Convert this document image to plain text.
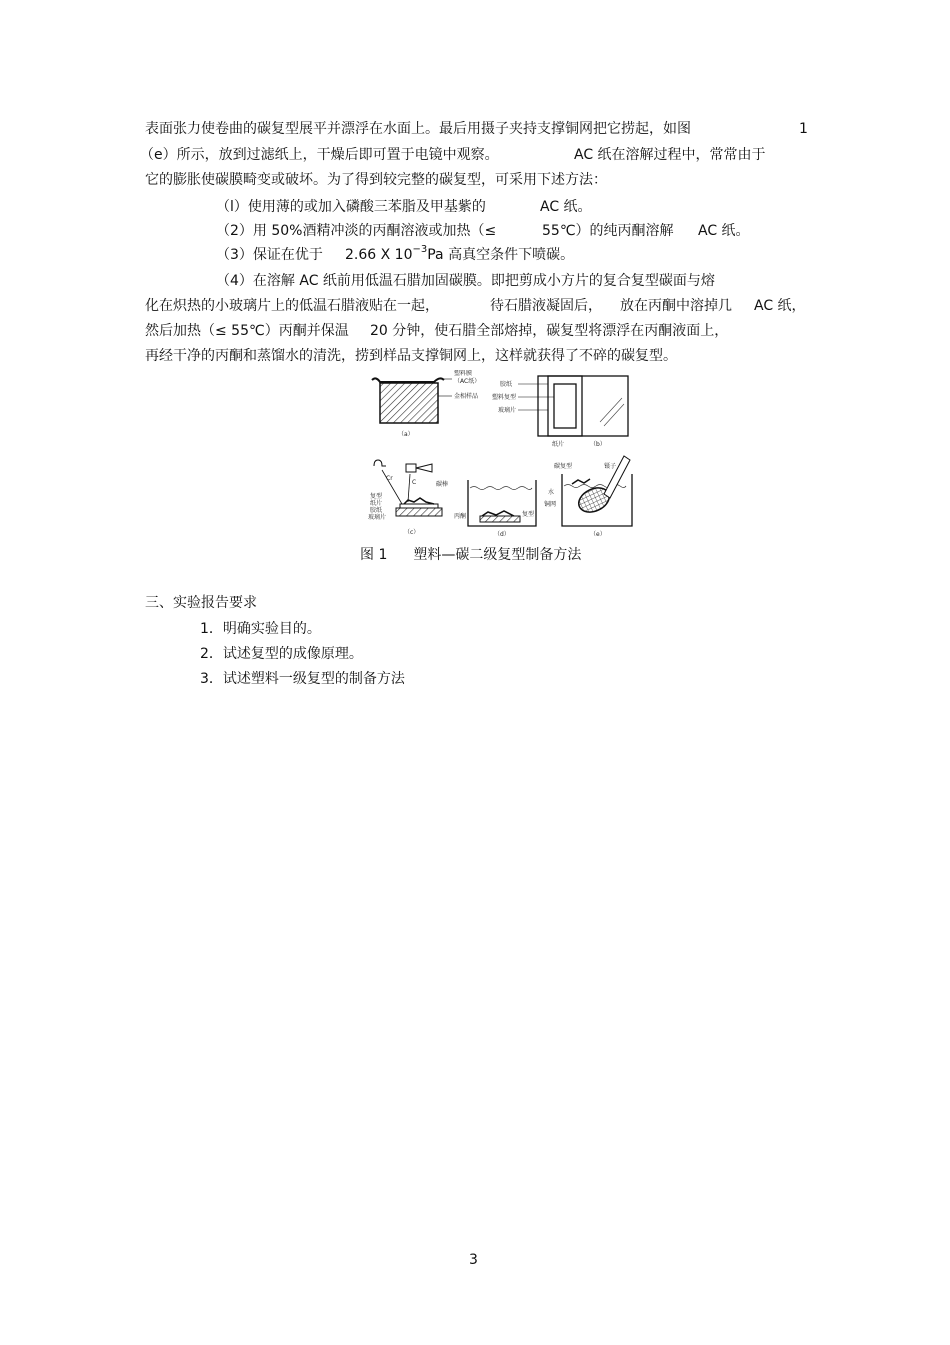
表面张力使卷曲的碳复型展平并漂浮在水面上。最后用摄子夹持支撑铜网把它捞起，如图	1
（e）所示，放到过滤纸上，干燥后即可置于电镜中观察。	AC 纸在溶解过程中，常常由于
它的膨胀使碳膜畸变或破坏。为了得到较完整的碳复型，可采用下述方法：
（l）使用薄的或加入磷酸三苯脂及甲基紫的	AC 纸。
（2）用 50%酒精冲淡的丙酮溶液或加热（≤	55℃）的纯丙酮溶解 AC 纸。
（3）保证在优于 2.66 X $10^{-3}Pa$ 高真空条件下喷碳。
（4）在溶解 AC 纸前用低温石腊加固碳膜。即把剪成小方片的复合复型碳面与熔
化在炽热的小玻璃片上的低温石腊液贴在一起，	待石腊液凝固后， 放在丙酮中溶掉几 AC 纸，
然后加热（≤ 55℃）丙酮并保温 20 分钟，使石腊全部熔掉，碳复型将漂浮在丙酮液面上，
再经干净的丙酮和蒸馏水的清洗，捞到样品支撑铜网上，这样就获得了不碎的碳复型。
塑料膜
（AC纸）
金相样品
（a）
胶纸
塑料复型
玻璃片
纸片	（b）
Cr
C	碳棒
复型
纸片
胶纸
玻璃片
（c）
丙酮	复型
（d）
碳复型	镊子
水
铜网
（e）
图 1 塑料—碳二级复型制备方法
三、实验报告要求
1．明确实验目的。
2．试述复型的成像原理。
3．试述塑料一级复型的制备方法
3
